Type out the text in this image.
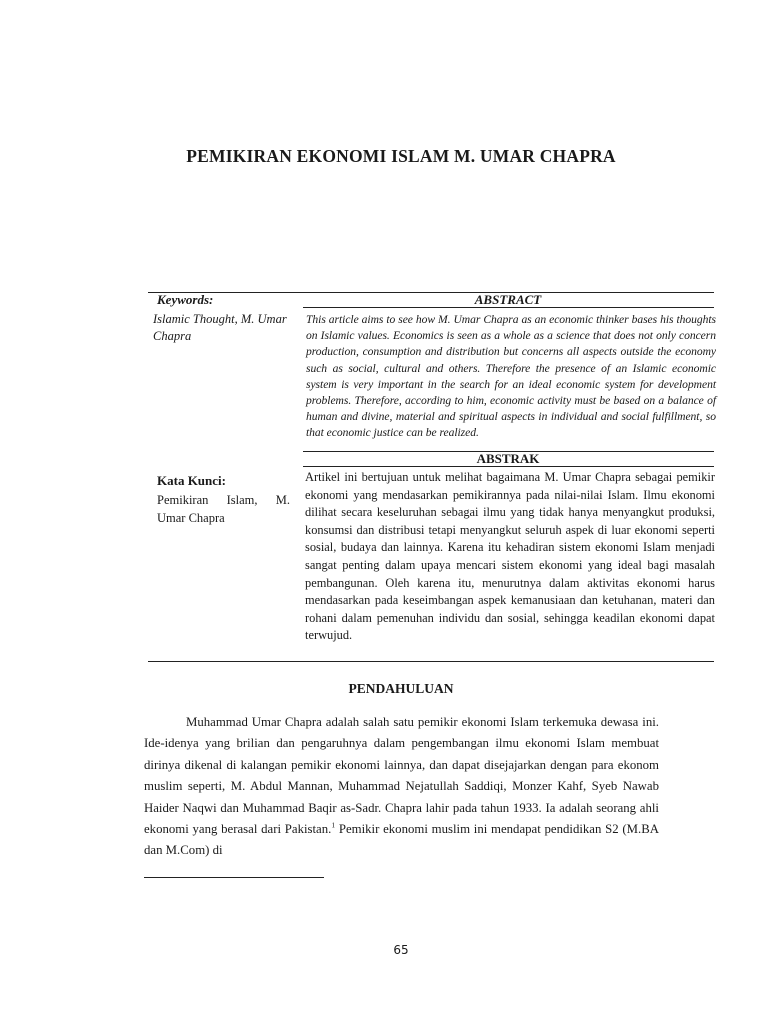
PEMIKIRAN EKONOMI ISLAM M. UMAR CHAPRA
Keywords:
Islamic Thought, M. Umar Chapra
ABSTRACT
This article aims to see how M. Umar Chapra as an economic thinker bases his thoughts on Islamic values. Economics is seen as a whole as a science that does not only concern production, consumption and distribution but concerns all aspects outside the economy such as social, cultural and others. Therefore the presence of an Islamic economic system is very important in the search for an ideal economic system for development problems. Therefore, according to him, economic activity must be based on a balance of human and divine, material and spiritual aspects in individual and social fulfillment, so that economic justice can be realized.
ABSTRAK
Kata Kunci:
Pemikiran Islam, M. Umar Chapra
Artikel ini bertujuan untuk melihat bagaimana M. Umar Chapra sebagai pemikir ekonomi yang mendasarkan pemikirannya pada nilai-nilai Islam. Ilmu ekonomi dilihat secara keseluruhan sebagai ilmu yang tidak hanya menyangkut produksi, konsumsi dan distribusi tetapi menyangkut seluruh aspek di luar ekonomi seperti sosial, budaya dan lainnya. Karena itu kehadiran sistem ekonomi Islam menjadi sangat penting dalam upaya mencari sistem ekonomi yang ideal bagi masalah pembangunan. Oleh karena itu, menurutnya dalam aktivitas ekonomi harus mendasarkan pada keseimbangan aspek kemanusiaan dan ketuhanan, materi dan rohani dalam pemenuhan individu dan sosial, sehingga keadilan ekonomi dapat terwujud.
PENDAHULUAN
Muhammad Umar Chapra adalah salah satu pemikir ekonomi Islam terkemuka dewasa ini. Ide-idenya yang brilian dan pengaruhnya dalam pengembangan ilmu ekonomi Islam membuat dirinya dikenal di kalangan pemikir ekonomi lainnya, dan dapat disejajarkan dengan para ekonom muslim seperti, M. Abdul Mannan, Muhammad Nejatullah Saddiqi, Monzer Kahf, Syeb Nawab Haider Naqwi dan Muhammad Baqir as-Sadr. Chapra lahir pada tahun 1933. Ia adalah seorang ahli ekonomi yang berasal dari Pakistan.$^1$ Pemikir ekonomi muslim ini mendapat pendidikan S2 (M.BA dan M.Com) di
65
